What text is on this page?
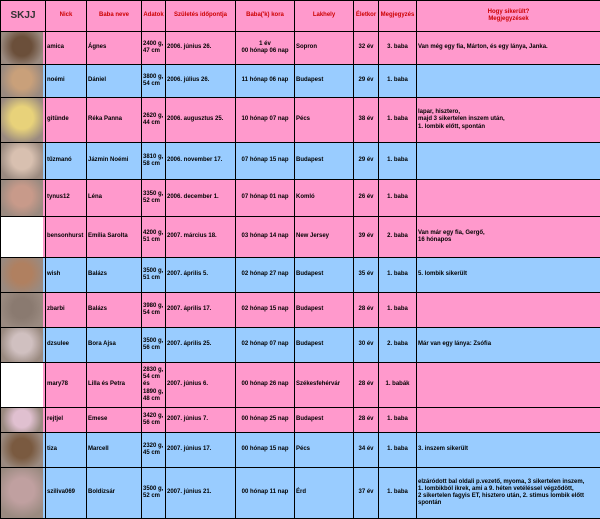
SKJJ	Nick	Baba neve	Adatok	Születés időpontja	Baba('k) kora	Lakhely	Életkor	Megjegyzés	Hogy sikerült?
Megjegyzések

	amica	Ágnes	2400 g, 47 cm	2006. június 26.	1 év
00 hónap 06 nap	Sopron	32 év	3. baba	Van még egy fia, Márton, és egy lánya, Janka.

	noémi	Dániel	3800 g, 54 cm	2006. július 26.	11 hónap 06 nap	Budapest	29 év	1. baba	

	gitünde	Réka Panna	2620 g, 44 cm	2006. augusztus 25.	10 hónap 07 nap	Pécs	38 év	1. baba	lapar, hisztero,
majd 3 sikertelen inszem után,
1. lombik előtt, spontán

	tűzmanó	Jázmin Noémi	3810 g, 58 cm	2006. november 17.	07 hónap 15 nap	Budapest	29 év	1. baba	

	tynus12	Léna	3350 g, 52 cm	2006. december 1.	07 hónap 01 nap	Komló	26 év	1. baba	

	bensonhurst	Emília Sarolta	4200 g, 51 cm	2007. március 18.	03 hónap 14 nap	New Jersey	39 év	2. baba	Van már egy fia, Gergő,
16 hónapos

	wish	Balázs	3500 g, 51 cm	2007. április 5.	02 hónap 27 nap	Budapest	35 év	1. baba	5. lombik sikerült

	zbarbi	Balázs	3980 g, 54 cm	2007. április 17.	02 hónap 15 nap	Budapest	28 év	1. baba	

	dzsulee	Bora Ajsa	3500 g, 56 cm	2007. április 25.	02 hónap 07 nap	Budapest	30 év	2. baba	Már van egy lánya: Zsófia

	mary78	Lilla és Petra	2830 g, 54 cm és 1890 g, 48 cm	2007. június 6.	00 hónap 26 nap	Székesfehérvár	28 év	1. babák	

	rejtjel	Emese	3420 g, 56 cm	2007. június 7.	00 hónap 25 nap	Budapest	28 év	1. baba	

	tiza	Marcell	2320 g, 45 cm	2007. június 17.	00 hónap 15 nap	Pécs	34 év	1. baba	3. inszem sikerült

	sziliva069	Boldizsár	3500 g, 52 cm	2007. június 21.	00 hónap 11 nap	Érd	37 év	1. baba	elzáródott bal oldali p.vezető, myoma, 3 sikertelen inszem,
1. lombikból ikrek, ami a 9. héten vetéléssel végződött,
2 sikertelen fagyis ET, hiszterо után, 2. stimus lombik előtt spontán
